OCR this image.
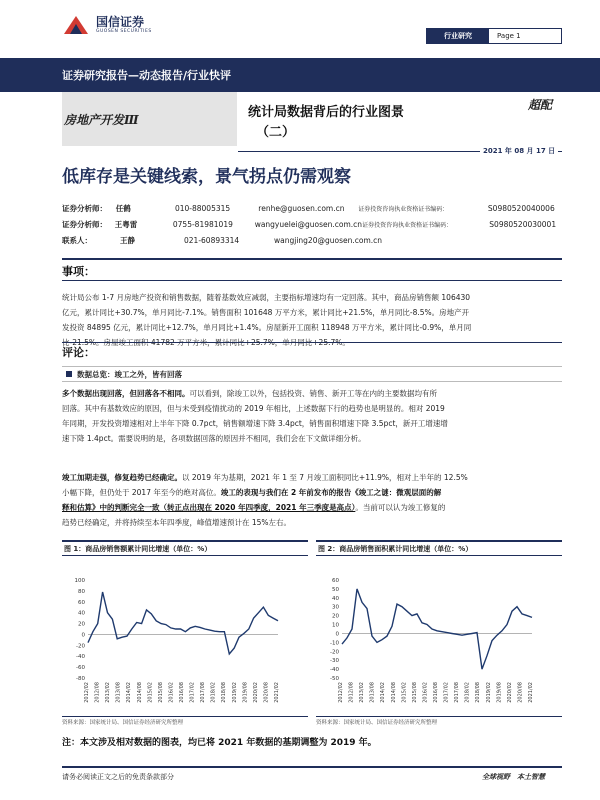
国信证券
GUOSEN SECURITIES
行业研究	Page 1
证券研究报告—动态报告/行业快评
房地产开发Ⅲ	统计局数据背后的行业图景
（二）
超配
2021 年 08 月 17 日
低库存是关键线索，景气拐点仍需观察
证券分析师：	任鹤	010-88005315	renhe@guosen.com.cn	证券投资咨询执业资格证书编码：	S0980520040006
证券分析师：	王粤雷	0755-81981019	wangyuelei@guosen.com.cn 证券投资咨询执业资格证书编码：	S0980520030001
联系人：	王静	021-60893314	wangjing20@guosen.com.cn
事项：
统计局公布 1-7 月房地产投资和销售数据，随着基数效应减弱，主要指标增速均有一定回落。其中，商品房销售额 106430
亿元，累计同比+30.7%，单月同比-7.1%。销售面积 101648 万平方米，累计同比+21.5%，单月同比-8.5%。房地产开
发投资 84895 亿元，累计同比+12.7%，单月同比+1.4%。房屋新开工面积 118948 万平方米，累计同比-0.9%，单月同
评论：
数据总览：竣工之外，皆有回落
多个数据出现回落，但回落各不相同。可以看到，除竣工以外，包括投资、销售、新开工等在内的主要数据均有所
回落。其中有基数效应的原因，但与未受到疫情扰动的 2019 年相比，上述数据下行的趋势也是明显的。相对 2019
年同期，开发投资增速相对上半年下降 0.7pct，销售额增速下降 3.4pct，销售面积增速下降 3.5pct，新开工增速增
速下降 1.4pct。需要说明的是，各项数据回落的原因并不相同，我们会在下文做详细分析。
竣工加期走强，修复趋势已经确定。以 2019 年为基期，2021 年 1 至 7 月竣工面积同比+11.9%，相对上半年的 12.5%
小幅下降，但仍处于 2017 年至今的绝对高位。竣工的表现与我们在 2 年前发布的报告《竣工之谜：微观层面的解
释和估算》中的判断完全一致（转正点出现在 2020 年四季度，2021 年三季度是高点）。当前可以认为竣工修复的
趋势已经确定，并将持续至本年四季度，峰值增速预计在 15%左右。
图 1：商品房销售额累计同比增速（单位：%）	图 2：商品房销售面积累计同比增速（单位：%）
100
80
60
40
20
0
-20
-40
-60
-80
2012/02 2012/08 2013/02 2013/08 2014/02 2014/08 2015/02 2015/08 2016/02 2016/08 2017/02 2017/08 2018/02 2018/08 2019/02 2019/08 2020/02 2020/08 2021/02
60
50
40
30
20
10
0
-10
-20
-30
-40
-50
2012/02 2012/08 2013/02 2013/08 2014/02 2014/08 2015/02 2015/08 2016/02 2016/08 2017/02 2017/08 2018/02 2018/08 2019/02 2019/08 2020/02 2020/08 2021/02
资料来源：国家统计局、国信证券经济研究所整理	资料来源：国家统计局、国信证券经济研究所整理
注：本文涉及相对数据的图表，均已将 2021 年数据的基期调整为 2019 年。
请务必阅读正文之后的免责条款部分	全球视野　本土智慧
